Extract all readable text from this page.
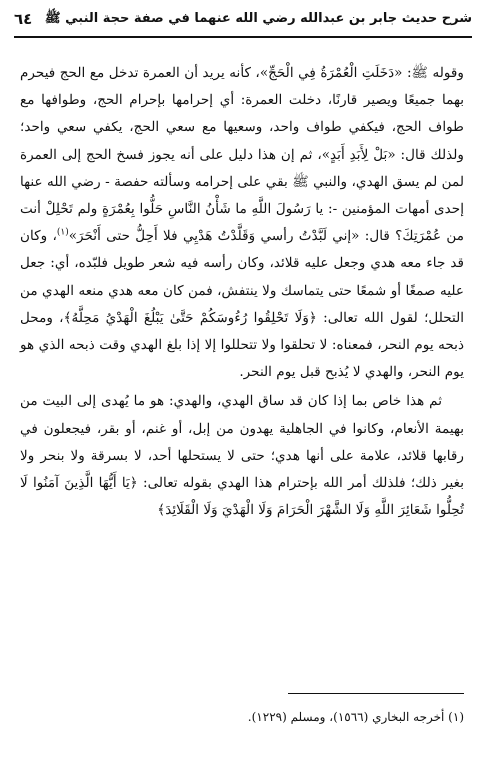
شرح حديث جابر بن عبدالله رضي الله عنهما في صفة حجة النبي ﷺ
٦٤

وقوله ﷺ: «دَخَلَتِ الْعُمْرَةُ فِي الْحَجِّ»، كأنه يريد أن العمرة تدخل مع الحج فيحرم بهما جميعًا ويصير قارنًا، دخلت العمرة: أي إحرامها بإحرام الحج، وطوافها مع طواف الحج، فيكفي طواف واحد، وسعيها مع سعي الحج، يكفي سعي واحد؛ ولذلك قال: «بَلْ لِأَبَدِ أَبَدٍ»، ثم إن هذا دليل على أنه يجوز فسخ الحج إلى العمرة لمن لم يسق الهدي، والنبي ﷺ بقي على إحرامه وسألته حفصة - رضي الله عنها إحدى أمهات المؤمنين -: يا رَسُولَ اللَّهِ ما شَأْنُ النَّاسِ حَلُّوا بِعُمْرَةٍ ولم تَحْلِلْ أنت من عُمْرَتِكَ؟ قال: «إني لَبَّدْتُ رأسي وَقَلَّدْتُ هَدْيِي فلا أَحِلُّ حتى أَنْحَرَ»$^{(١)}$، وكان قد جاء معه هدي وجعل عليه قلائد، وكان رأسه فيه شعر طويل فلبّده، أي: جعل عليه صمغًا أو شمعًا حتى يتماسك ولا ينتفش، فمن كان معه هدي منعه الهدي من التحلل؛ لقول الله تعالى: ﴿وَلَا تَحْلِقُوا رُءُوسَكُمْ حَتَّىٰ يَبْلُغَ الْهَدْيُ مَحِلَّهُ﴾، ومحل ذبحه يوم النحر، فمعناه: لا تحلقوا ولا تتحللوا إلا إذا بلغ الهدي وقت ذبحه الذي هو يوم النحر، والهدي لا يُذبح قبل يوم النحر.

ثم هذا خاص بما إذا كان قد ساق الهدي، والهدي: هو ما يُهدى إلى البيت من بهيمة الأنعام، وكانوا في الجاهلية يهدون من إبل، أو غنم، أو بقر، فيجعلون في رقابها قلائد، علامة على أنها هدي؛ حتى لا يستحلها أحد، لا بسرقة ولا بنحر ولا بغير ذلك؛ فلذلك أمر الله بإحترام هذا الهدي بقوله تعالى: ﴿يَا أَيُّهَا الَّذِينَ آمَنُوا لَا تُحِلُّوا شَعَائِرَ اللَّهِ وَلَا الشَّهْرَ الْحَرَامَ وَلَا الْهَدْيَ وَلَا الْقَلَائِدَ﴾

(١) أخرجه البخاري (١٥٦٦)، ومسلم (١٢٢٩).
